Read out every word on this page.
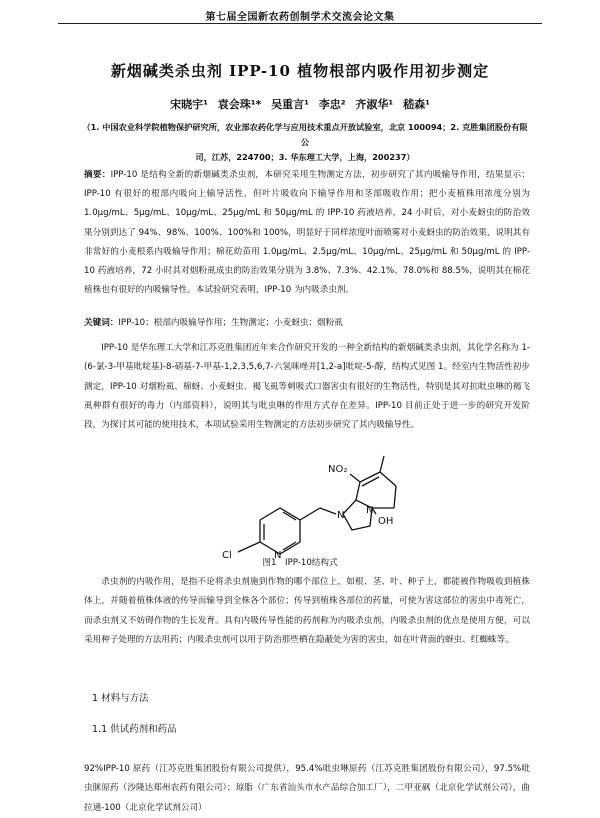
第七届全国新农药创制学术交流会论文集
新烟碱类杀虫剂 IPP-10 植物根部内吸作用初步测定
宋晓宇¹ 袁会珠¹* 吴重言¹ 李忠² 齐淑华¹ 嵇森¹
（1. 中国农业科学院植物保护研究所，农业部农药化学与应用技术重点开放试验室，北京 100094；2. 克胜集团股份有限公
司，江苏，224700；3. 华东理工大学，上海，200237）
摘要：IPP-10 是结构全新的新烟碱类杀虫剂，本研究采用生物测定方法，初步研究了其内吸输导作用，结果显示：IPP-10 有很好的根部内吸向上输导活性，但叶片吸收向下输导作用和茎部吸收作用；把小麦植株用浓度分别为 1.0μg/mL、5μg/mL、10μg/mL、25μg/mL 和 50μg/mL 的 IPP-10 药液培养，24 小时后，对小麦蚜虫的防治效果分别到达了 94%、98%、100%、100%和 100%，明显好于同样浓度叶面喷雾对小麦蚜虫的防治效果，说明其有非常好的小麦根系内吸输导作用；棉花幼苗用 1.0μg/mL、2.5μg/mL、10μg/mL、25μg/mL 和 50μg/mL 的 IPP-10 药液培养，72 小时其对烟粉虱成虫的防治效果分别为 3.8%、7.3%、42.1%、78.0%和 88.5%，说明其在棉花植株也有很好的内吸输导性。本试验研究表明，IPP-10 为内吸杀虫剂。
关键词：IPP-10；根部内吸输导作用；生物测定；小麦蚜虫；烟粉虱
IPP-10 是华东理工大学和江苏克胜集团近年来合作研究开发的一种全新结构的新烟碱类杀虫剂，其化学名称为 1-(6-氯-3-甲基吡啶基)-8-硝基-7-甲基-1,2,3,5,6,7-六氢咪唑并[1,2-a]吡啶-5-醇，结构式见图 1。经室内生物活性初步测定，IPP-10 对烟粉虱、棉蚜、小麦蚜虫、褐飞虱等刺吸式口器害虫有很好的生物活性，特别是其对抗吡虫啉的褐飞虱种群有很好的毒力（内部资料），说明其与吡虫啉的作用方式存在差异。IPP-10 目前正处于进一步的研究开发阶段，为探讨其可能的使用技术，本项试验采用生物测定的方法初步研究了其内吸输导性。
NO₂
N N
N
OH
Cl
图1　IPP-10结构式
杀虫剂的内吸作用，是指不论将杀虫剂施到作物的哪个部位上，如根、茎、叶、种子上，都能被作物吸收到植株体上，并随着植株体液的传导而输导到全株各个部位；传导到植株各部位的药量，可使为害这部位的害虫中毒死亡，而杀虫剂又不妨碍作物的生长发育。具有内吸传导性能的药剂称为内吸杀虫剂，内吸杀虫剂的优点是使用方便，可以采用种子处理的方法用药；内吸杀虫剂可以用于防治那些栖在隐蔽处为害的害虫，如在叶背面的蚜虫、红蜘蛛等。
1 材料与方法
1.1 供试药剂和药品
92%IPP-10 原药（江苏克胜集团股份有限公司提供），95.4%吡虫啉原药（江苏克胜集团股份有限公司），97.5%吡虫脒原药（沙隆达郑州农药有限公司）；琼脂（广东省汕头市水产品综合加工厂），二甲亚砜（北京化学试剂公司），曲拉通-100（北京化学试剂公司）
